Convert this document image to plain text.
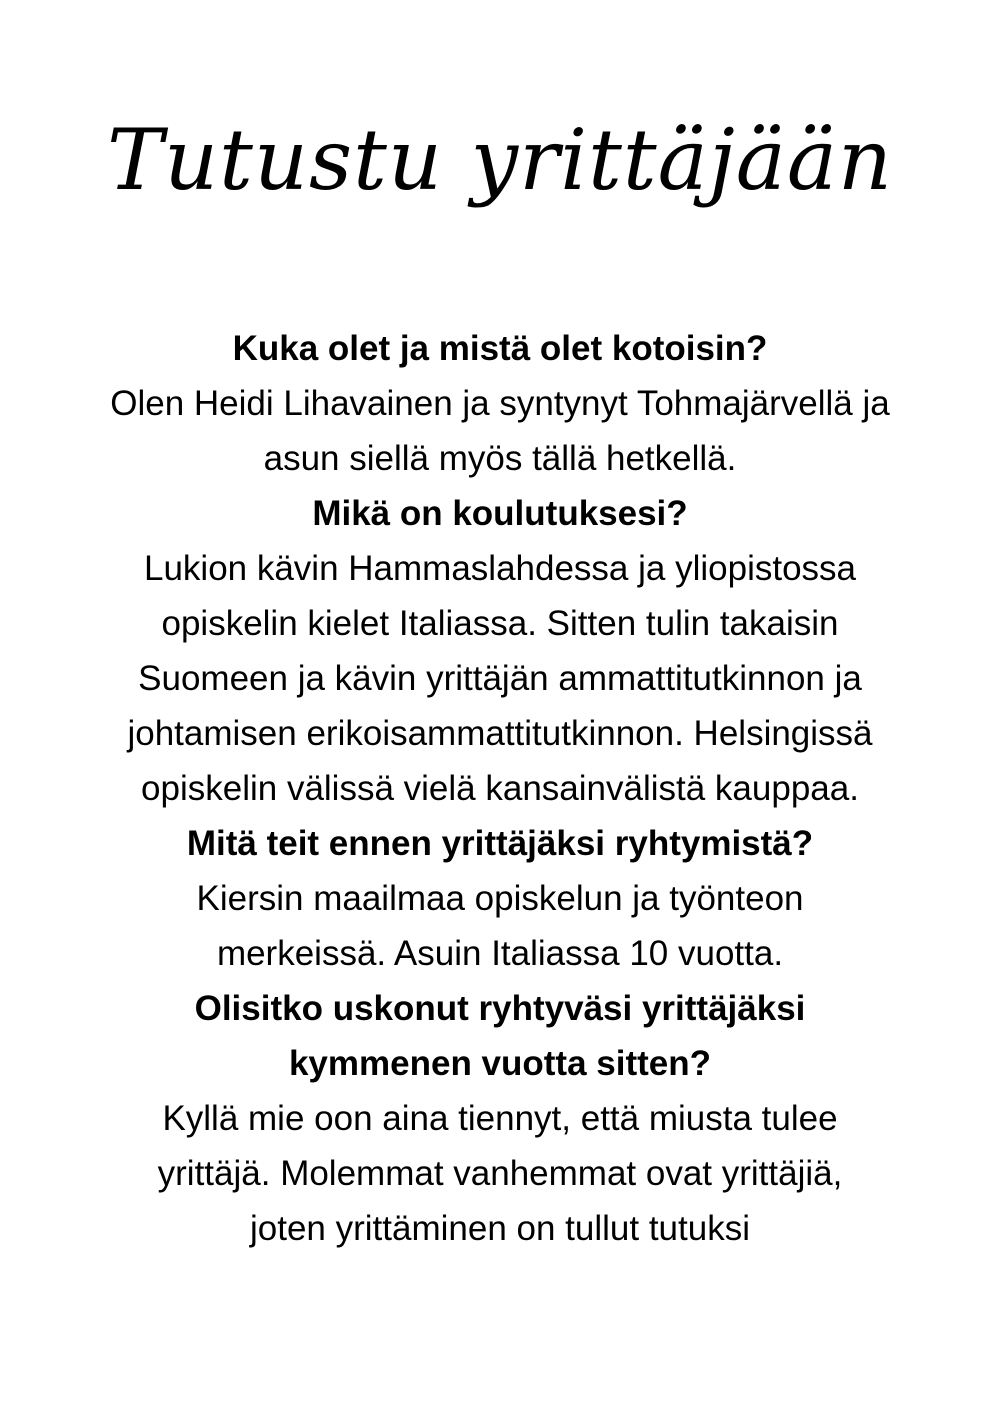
Tutustu yrittäjään
Kuka olet ja mistä olet kotoisin?
Olen Heidi Lihavainen ja syntynyt Tohmajärvellä ja
asun siellä myös tällä hetkellä.
Mikä on koulutuksesi?
Lukion kävin Hammaslahdessa ja yliopistossa
opiskelin kielet Italiassa. Sitten tulin takaisin
Suomeen ja kävin yrittäjän ammattitutkinnon ja
johtamisen erikoisammattitutkinnon. Helsingissä
opiskelin välissä vielä kansainvälistä kauppaa.
Mitä teit ennen yrittäjäksi ryhtymistä?
Kiersin maailmaa opiskelun ja työnteon
merkeissä. Asuin Italiassa 10 vuotta.
Olisitko uskonut ryhtyväsi yrittäjäksi
kymmenen vuotta sitten?
Kyllä mie oon aina tiennyt, että miusta tulee
yrittäjä. Molemmat vanhemmat ovat yrittäjiä,
joten yrittäminen on tullut tutuksi
